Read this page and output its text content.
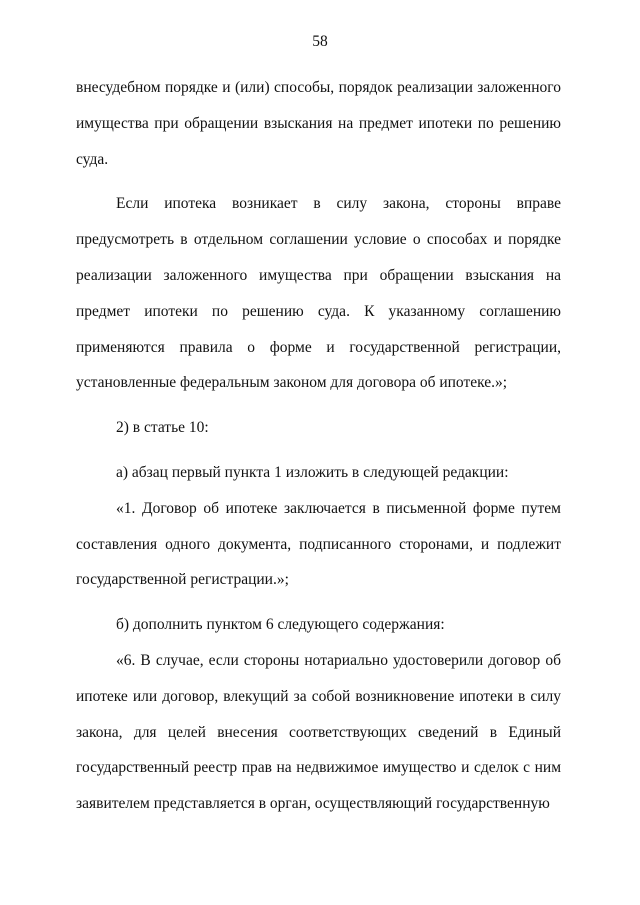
58

внесудебном порядке и (или) способы, порядок реализации заложенного имущества при обращении взыскания на предмет ипотеки по решению суда.

Если ипотека возникает в силу закона, стороны вправе предусмотреть в отдельном соглашении условие о способах и порядке реализации заложенного имущества при обращении взыскания на предмет ипотеки по решению суда. К указанному соглашению применяются правила о форме и государственной регистрации, установленные федеральным законом для договора об ипотеке.»;

2) в статье 10:

а) абзац первый пункта 1 изложить в следующей редакции:

«1. Договор об ипотеке заключается в письменной форме путем составления одного документа, подписанного сторонами, и подлежит государственной регистрации.»;

б) дополнить пунктом 6 следующего содержания:

«6. В случае, если стороны нотариально удостоверили договор об ипотеке или договор, влекущий за собой возникновение ипотеки в силу закона, для целей внесения соответствующих сведений в Единый государственный реестр прав на недвижимое имущество и сделок с ним заявителем представляется в орган, осуществляющий государственную
